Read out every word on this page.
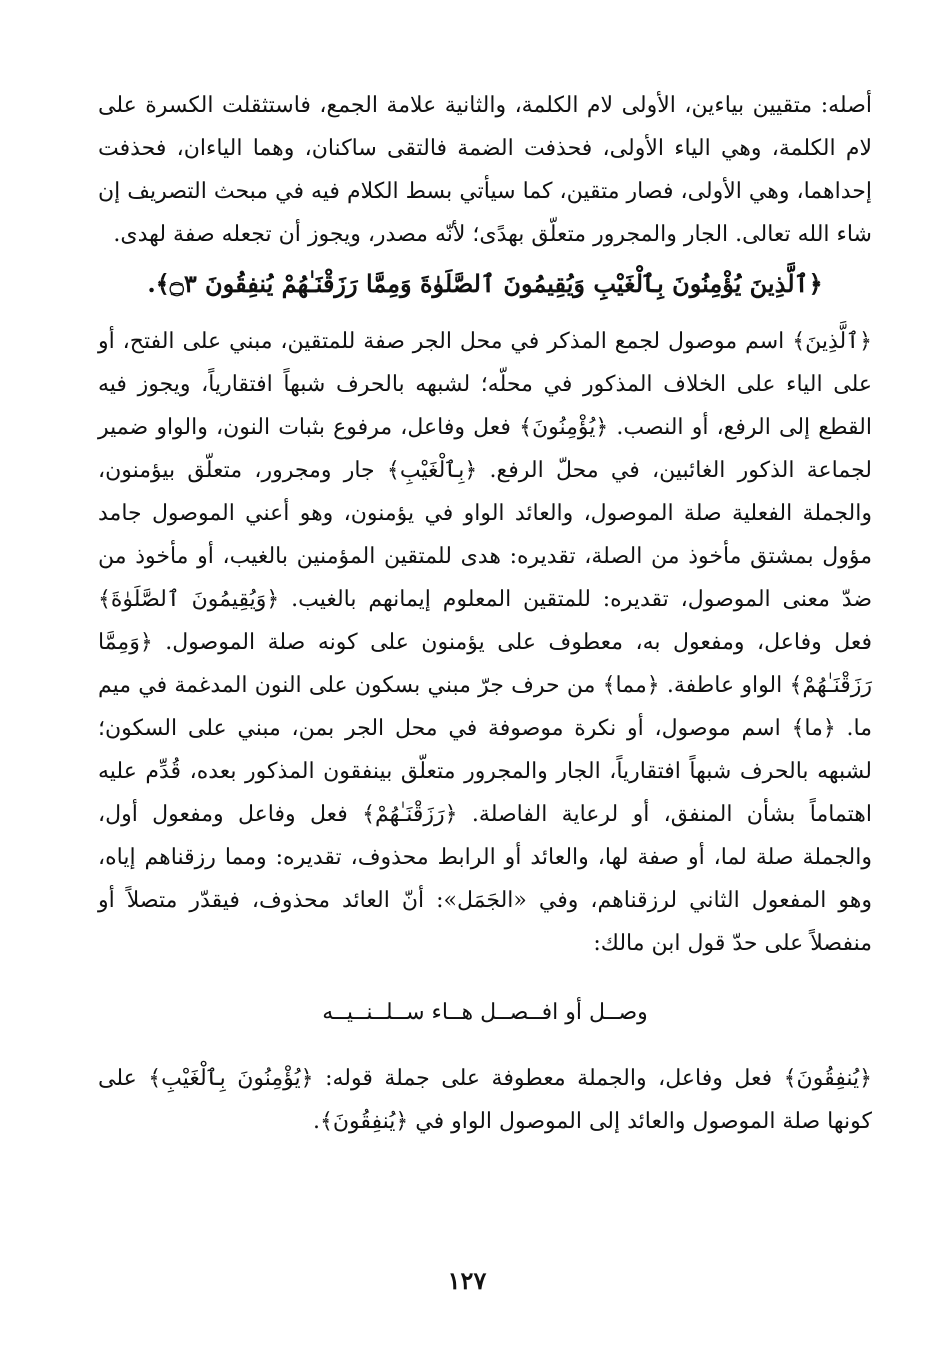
أصله: متقيين بياءين، الأولى لام الكلمة، والثانية علامة الجمع، فاستثقلت الكسرة على لام الكلمة، وهي الياء الأولى، فحذفت الضمة فالتقى ساكنان، وهما الياءان، فحذفت إحداهما، وهي الأولى، فصار متقين، كما سيأتي بسط الكلام فيه في مبحث التصريف إن شاء الله تعالى. الجار والمجرور متعلّق بهدًى؛ لأنّه مصدر، ويجوز أن تجعله صفة لهدى.

﴿ٱلَّذِينَ يُؤْمِنُونَ بِٱلْغَيْبِ وَيُقِيمُونَ ٱلصَّلَوٰةَ وَمِمَّا رَزَقْنَـٰهُمْ يُنفِقُونَ ۝٣﴾.

﴿ٱلَّذِينَ﴾ اسم موصول لجمع المذكر في محل الجر صفة للمتقين، مبني على الفتح، أو على الياء على الخلاف المذكور في محلّه؛ لشبهه بالحرف شبهاً افتقارياً، ويجوز فيه القطع إلى الرفع، أو النصب. ﴿يُؤْمِنُونَ﴾ فعل وفاعل، مرفوع بثبات النون، والواو ضمير لجماعة الذكور الغائبين، في محلّ الرفع. ﴿بِٱلْغَيْبِ﴾ جار ومجرور، متعلّق بيؤمنون، والجملة الفعلية صلة الموصول، والعائد الواو في يؤمنون، وهو أعني الموصول جامد مؤول بمشتق مأخوذ من الصلة، تقديره: هدى للمتقين المؤمنين بالغيب، أو مأخوذ من ضدّ معنى الموصول، تقديره: للمتقين المعلوم إيمانهم بالغيب. ﴿وَيُقِيمُونَ ٱلصَّلَوٰةَ﴾ فعل وفاعل، ومفعول به، معطوف على يؤمنون على كونه صلة الموصول. ﴿وَمِمَّا رَزَقْنَـٰهُمْ﴾ الواو عاطفة. ﴿مما﴾ من حرف جرّ مبني بسكون على النون المدغمة في ميم ما. ﴿ما﴾ اسم موصول، أو نكرة موصوفة في محل الجر بمن، مبني على السكون؛ لشبهه بالحرف شبهاً افتقارياً، الجار والمجرور متعلّق بينفقون المذكور بعده، قُدِّم عليه اهتماماً بشأن المنفق، أو لرعاية الفاصلة. ﴿رَزَقْنَـٰهُمْ﴾ فعل وفاعل ومفعول أول، والجملة صلة لما، أو صفة لها، والعائد أو الرابط محذوف، تقديره: ومما رزقناهم إياه، وهو المفعول الثاني لرزقناهم، وفي «الجَمَل»: أنّ العائد محذوف، فيقدّر متصلاً أو منفصلاً على حدّ قول ابن مالك:

وصــل أو افــصــل هــاء ســلــنــيــه

﴿يُنفِقُونَ﴾ فعل وفاعل، والجملة معطوفة على جملة قوله: ﴿يُؤْمِنُونَ بِٱلْغَيْبِ﴾ على كونها صلة الموصول والعائد إلى الموصول الواو في ﴿يُنفِقُونَ﴾.

١٢٧
